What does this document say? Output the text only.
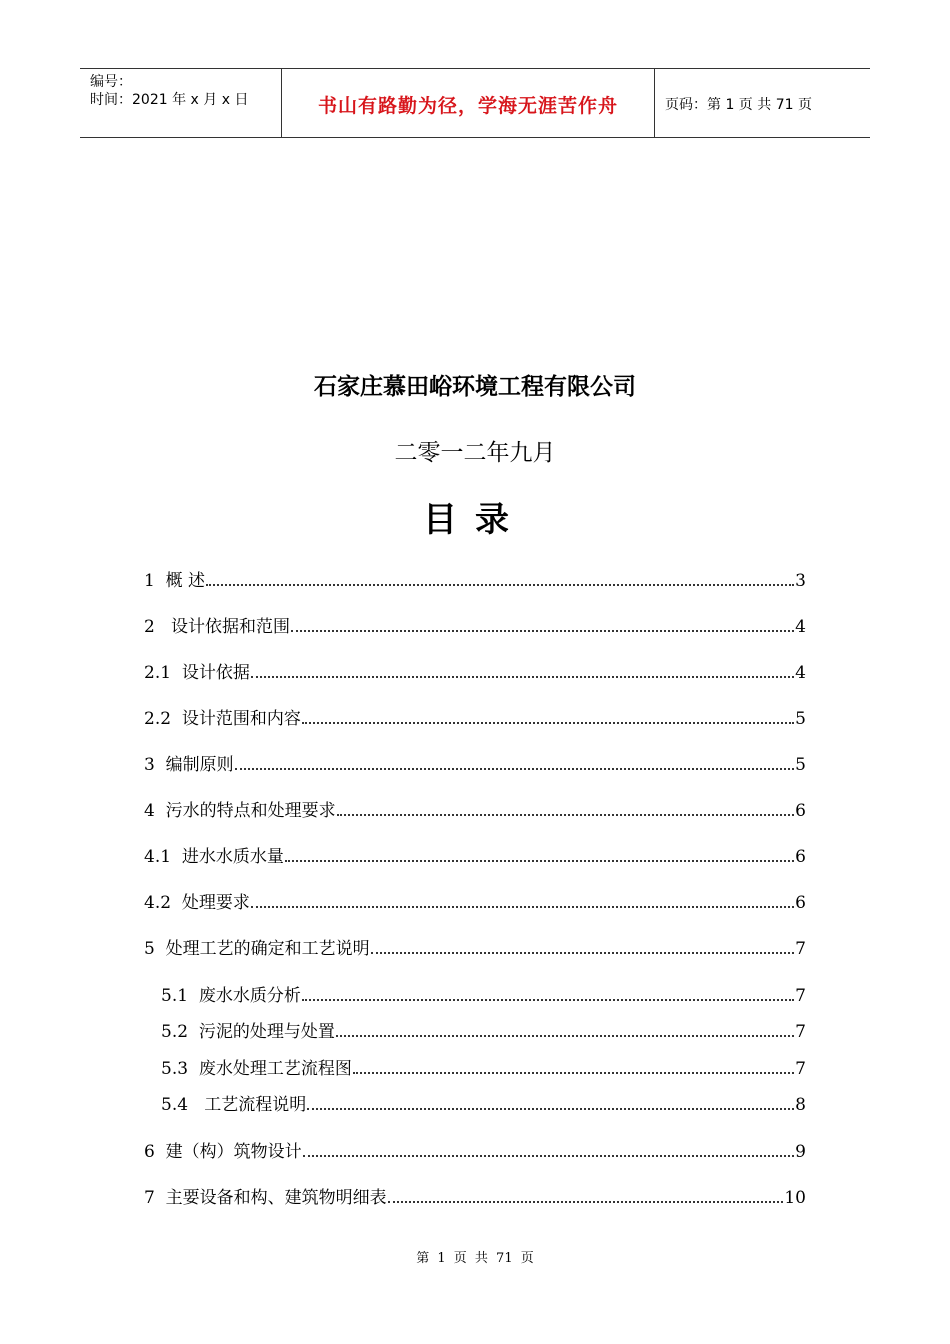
编号：
时间：2021 年 x 月 x 日	书山有路勤为径，学海无涯苦作舟	页码：第 1 页 共 71 页
石家庄慕田峪环境工程有限公司
二零一二年九月
目录
1  概 述	3
2   设计依据和范围	4
2.1  设计依据	4
2.2  设计范围和内容	5
3  编制原则	5
4  污水的特点和处理要求	6
4.1  进水水质水量	6
4.2  处理要求	6
5  处理工艺的确定和工艺说明	7
5.1  废水水质分析	7
5.2  污泥的处理与处置	7
5.3  废水处理工艺流程图	7
5.4   工艺流程说明	8
6  建（构）筑物设计	9
7  主要设备和构、建筑物明细表	10
第 1 页 共 71 页
